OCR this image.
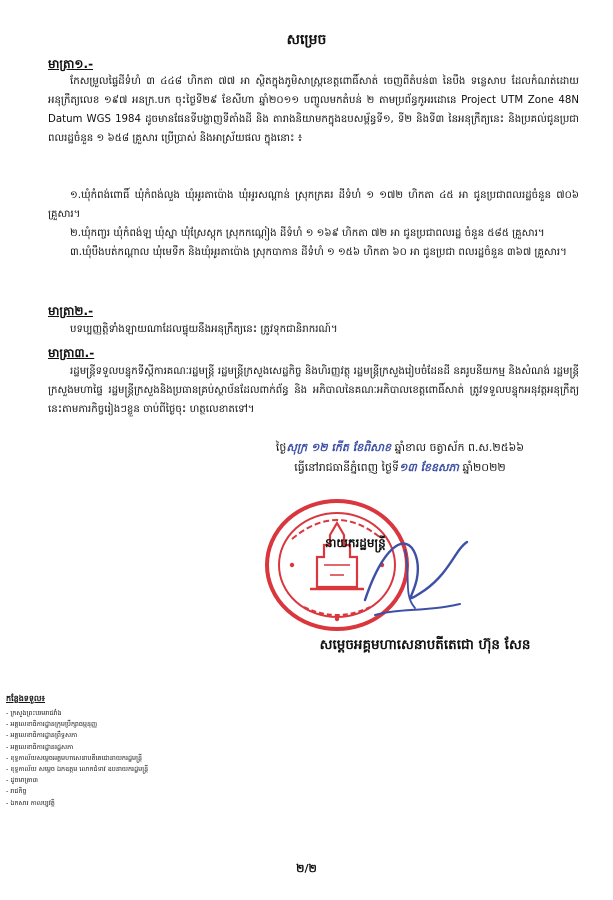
សម្រេច
មាត្រា១.-
កែសម្រួលផ្ទៃដីទំហំ ៣ ៤៤៨ ហិកតា ៧៧ អា ស្ថិតក្នុងភូមិសាស្ត្រខេត្តពោធិ៍សាត់ ចេញពីតំបន់៣ នៃបឹង ទន្លេសាប ដែលកំណត់ដោយអនុក្រឹត្យលេខ ១៩៧ អនក្រ.បក ចុះថ្ងៃទី២៩ ខែសីហា ឆ្នាំ២០១១ បញ្ចូលមកតំបន់ ២ តាមប្រព័ន្ធកូអរដោនេ Project UTM Zone 48N Datum WGS 1984 ដូចមានផែនទីបង្ហាញទីតាំងដី និង តារាងនិយាមកក្នុងឧបសម្ព័ន្ធទី១, ទី២ និងទី៣ នៃអនុក្រឹត្យនេះ និងប្រគល់ជូនប្រជាពលរដ្ឋចំនួន ១ ៦៥៨ គ្រួសារ ប្រើប្រាស់ និងអាស្រ័យផល ក្នុងនោះ ៖
១.ឃុំកំពង់ពោធិ៍ ឃុំកំពង់លួង ឃុំអូរតាប៉ោង ឃុំអូរសណ្ដាន់ ស្រុកក្រគរ ដីទំហំ ១ ១៧២ ហិកតា ៤៥ អា ជូនប្រជាពលរដ្ឋចំនួន ៧០៦ គ្រួសារ។
២.ឃុំកញ្ចរ ឃុំកំពង់ឡ ឃុំស្នា ឃុំស្រែស្តុក ស្រុកកណ្ដៀង ដីទំហំ ១ ១៦៩ ហិកតា ៧២ អា ជូនប្រជាពលរដ្ឋ ចំនួន ៥៨៥ គ្រួសារ។
៣.ឃុំបឹងបត់កណ្ដាល ឃុំមេទឹក និងឃុំអូរតាប៉ោង ស្រុកបាកាន ដីទំហំ ១ ១៥៦ ហិកតា ៦០ អា ជូនប្រជា ពលរដ្ឋចំនួន ៣៦៧ គ្រួសារ។
មាត្រា២.-
បទប្បញ្ញត្តិទាំងឡាយណាដែលផ្ទុយនឹងអនុក្រឹត្យនេះ ត្រូវទុកជានិរាករណ៍។
មាត្រា៣.-
រដ្ឋមន្ត្រីទទួលបន្ទុកទីស្ដីការគណៈរដ្ឋមន្ត្រី រដ្ឋមន្ត្រីក្រសួងសេដ្ឋកិច្ច និងហិរញ្ញវត្ថុ រដ្ឋមន្ត្រីក្រសួងរៀបចំដែនដី នគរូបនីយកម្ម និងសំណង់ រដ្ឋមន្ត្រីក្រសួងមហាផ្ទៃ រដ្ឋមន្ត្រីក្រសួងនិងប្រធានគ្រប់ស្ថាប័នដែលពាក់ព័ន្ធ និង អភិបាលនៃគណៈអភិបាលខេត្តពោធិ៍សាត់ ត្រូវទទួលបន្ទុកអនុវត្តអនុក្រឹត្យនេះតាមភារកិច្ចរៀងៗខ្លួន ចាប់ពីថ្ងៃចុះ ហត្ថលេខាតទៅ។
ថ្ងៃសុក្រ ១២ កើត ខែពិសាខ ឆ្នាំខាល ចត្វាស័ក ព.ស.២៥៦៦
ធ្វើនៅរាជធានីភ្នំពេញ ថ្ងៃទី១៣ ខែឧសភា ឆ្នាំ២០២២
នាយករដ្ឋមន្ត្រី
សម្ដេចអគ្គមហាសេនាបតីតេជោ ហ៊ុន សែន
កន្លែងទទួល៖
- ក្រសួងព្រះបរមរាជវាំង
- អគ្គលេខាធិការដ្ឋានក្រុមប្រឹក្សាធម្មនុញ្ញ
- អគ្គលេខាធិការដ្ឋានព្រឹទ្ធសភា
- អគ្គលេខាធិការដ្ឋានរដ្ឋសភា
- ខុទ្ទកាល័យសម្ដេចអគ្គមហាសេនាបតីតេជោនាយករដ្ឋមន្ត្រី
- ខុទ្ទកាល័យ សម្ដេច ឯកឧត្ដម លោកជំទាវ ឧបនាយករដ្ឋមន្ត្រី
- ដូចមាត្រា៣
- រាជកិច្ច
- ឯកសារ កាលប្បវត្តិ
២/២
